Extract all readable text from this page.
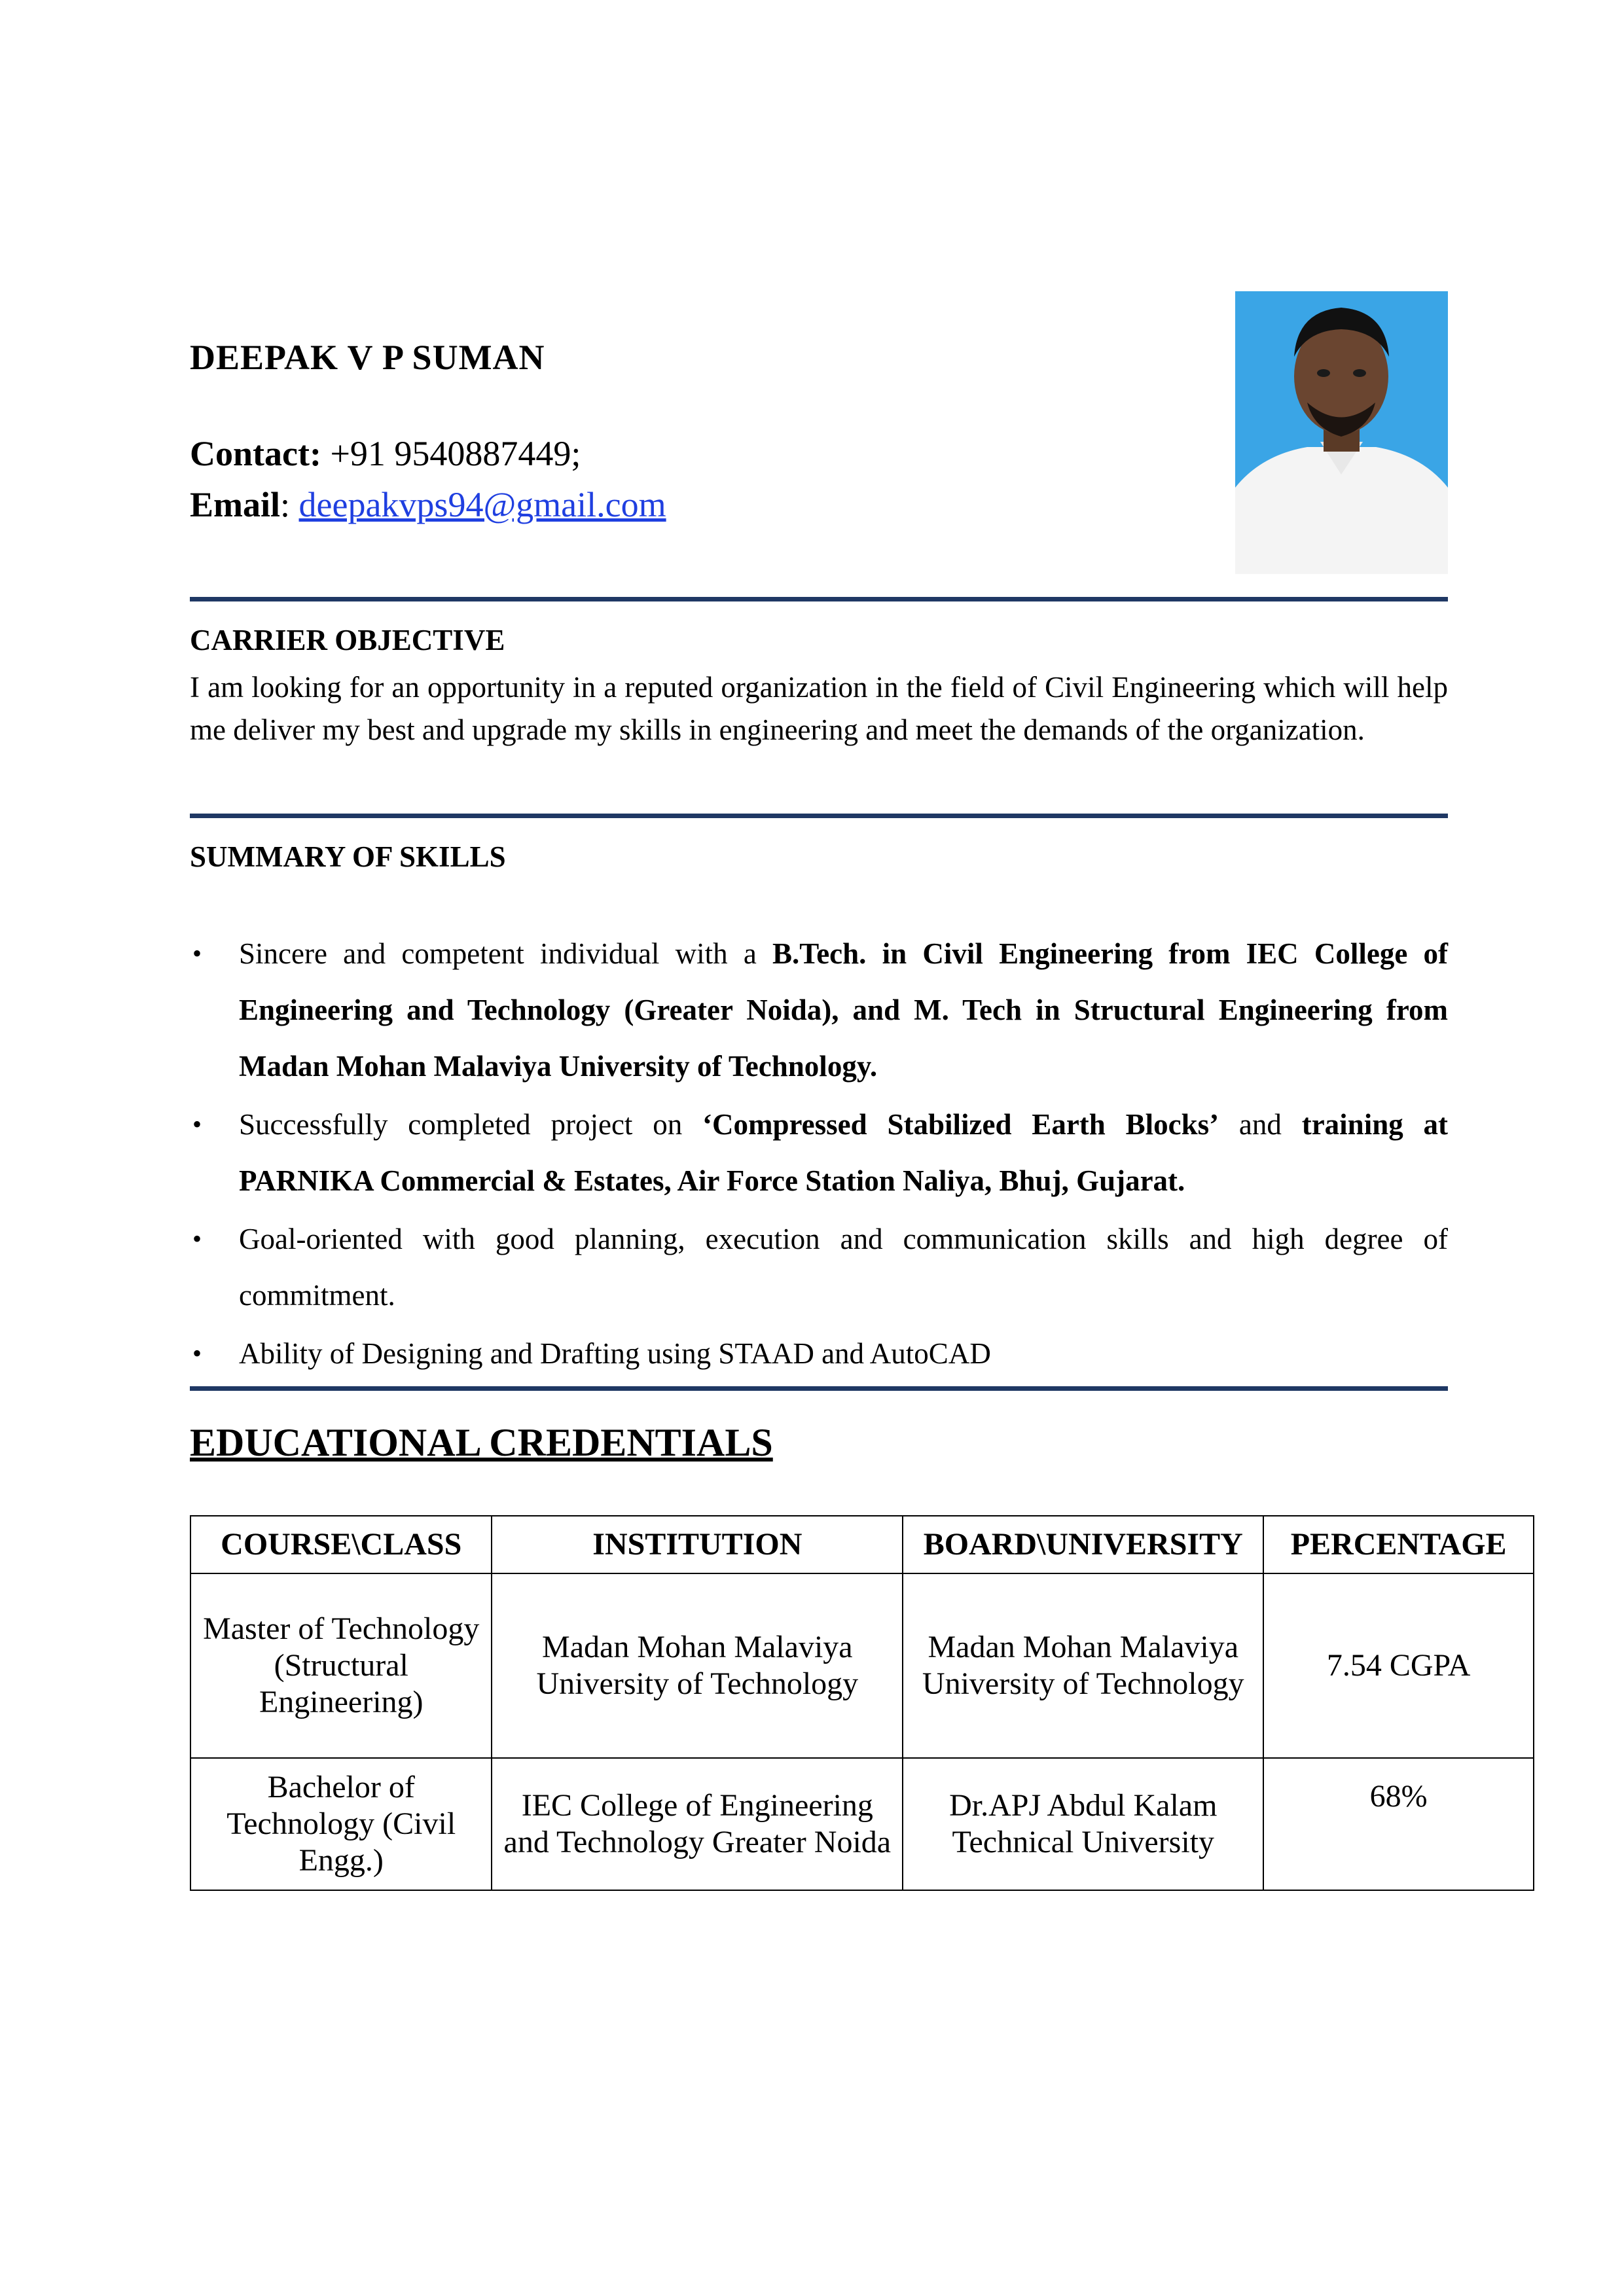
DEEPAK V P SUMAN
Contact: +91 9540887449;
Email: deepakvps94@gmail.com
CARRIER OBJECTIVE
I am looking for an opportunity in a reputed organization in the field of Civil Engineering which will help me deliver my best and upgrade my skills in engineering and meet the demands of the organization.
SUMMARY OF SKILLS
• Sincere and competent individual with a B.Tech. in Civil Engineering from IEC College of Engineering and Technology (Greater Noida), and M. Tech in Structural Engineering from Madan Mohan Malaviya University of Technology.
• Successfully completed project on ‘Compressed Stabilized Earth Blocks’ and training at PARNIKA Commercial & Estates, Air Force Station Naliya, Bhuj, Gujarat.
• Goal-oriented with good planning, execution and communication skills and high degree of commitment.
• Ability of Designing and Drafting using STAAD and AutoCAD
EDUCATIONAL CREDENTIALS
COURSE\CLASS	INSTITUTION	BOARD\UNIVERSITY	PERCENTAGE
Master of Technology (Structural Engineering)	Madan Mohan Malaviya University of Technology	Madan Mohan Malaviya University of Technology	7.54 CGPA
Bachelor of Technology (Civil Engg.)	IEC College of Engineering and Technology Greater Noida	Dr.APJ Abdul Kalam Technical University	68%
